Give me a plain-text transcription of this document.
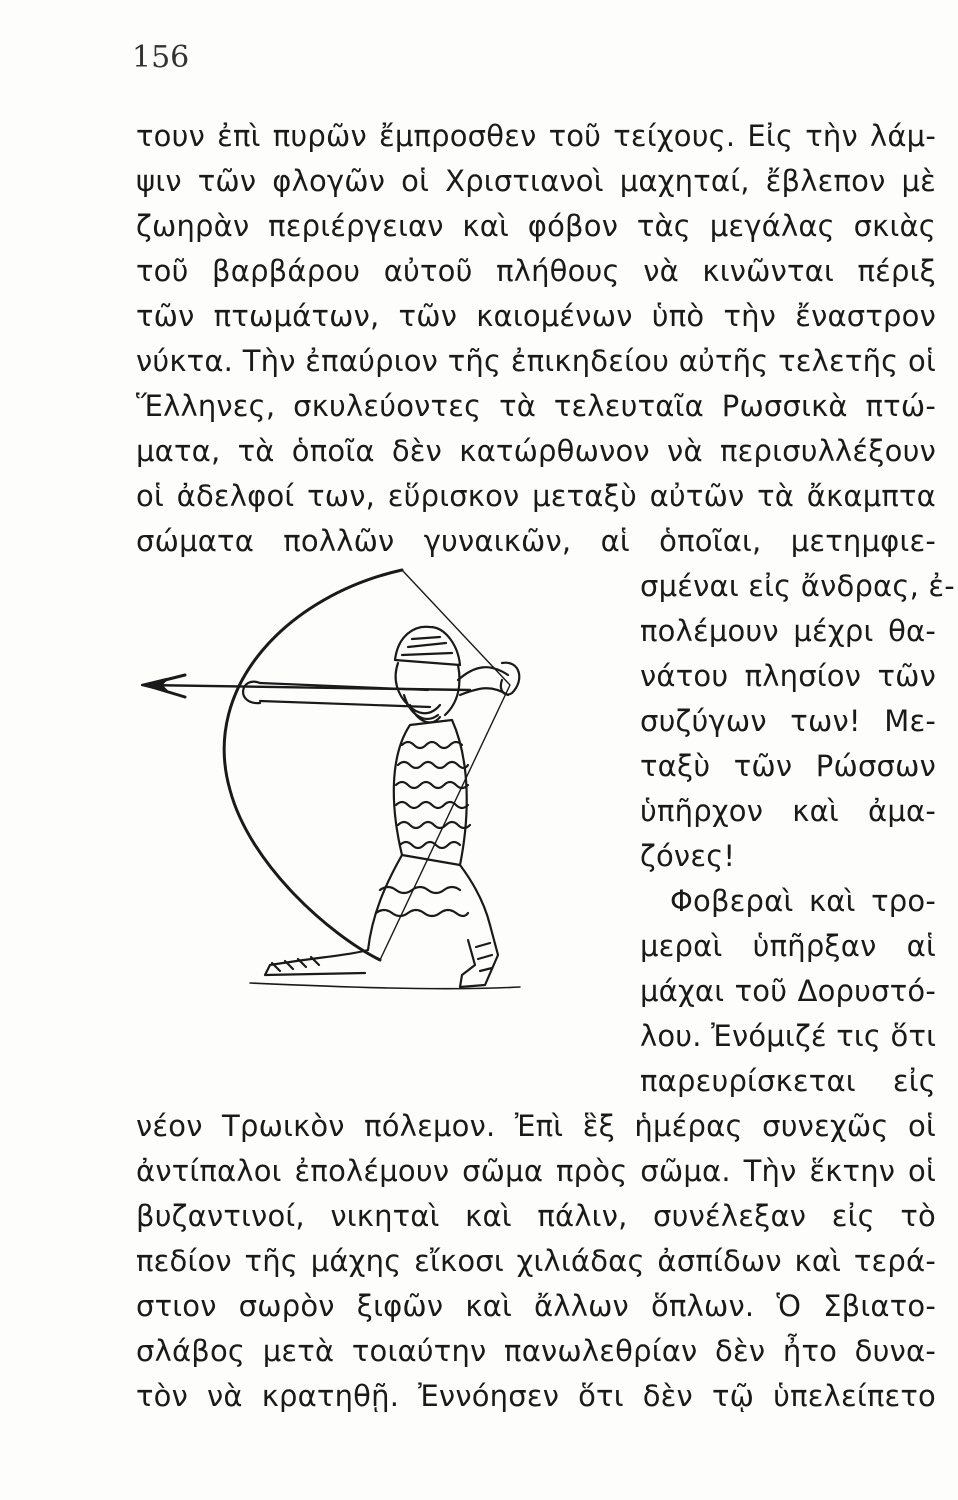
156
τουν ἐπὶ πυρῶν ἔμπροσθεν τοῦ τείχους. Εἰς τὴν λάμ-
ψιν τῶν φλογῶν οἱ Χριστιανοὶ μαχηταί, ἔβλεπον μὲ
ζωηρὰν περιέργειαν καὶ φόβον τὰς μεγάλας σκιὰς
τοῦ βαρβάρου αὐτοῦ πλήθους νὰ κινῶνται πέριξ
τῶν πτωμάτων, τῶν καιομένων ὑπὸ τὴν ἔναστρον
νύκτα. Τὴν ἐπαύριον τῆς ἐπικηδείου αὐτῆς τελετῆς οἱ
Ἕλληνες, σκυλεύοντες τὰ τελευταῖα Ρωσσικὰ πτώ-
ματα, τὰ ὁποῖα δὲν κατώρθωνον νὰ περισυλλέξουν
οἱ ἀδελφοί των, εὕρισκον μεταξὺ αὐτῶν τὰ ἄκαμπτα
σώματα πολλῶν γυναικῶν, αἱ ὁποῖαι, μετημφιε-
σμέναι εἰς ἄνδρας, ἐ-
πολέμουν μέχρι θα-
νάτου πλησίον τῶν
συζύγων των! Με-
ταξὺ τῶν Ρώσσων
ὑπῆρχον καὶ ἀμα-
ζόνες!
Φοβεραὶ καὶ τρο-
μεραὶ ὑπῆρξαν αἱ
μάχαι τοῦ Δορυστό-
λου. Ἐνόμιζέ τις ὅτι
παρευρίσκεται εἰς
νέον Τρωικὸν πόλεμον. Ἐπὶ ἓξ ἡμέρας συνεχῶς οἱ
ἀντίπαλοι ἐπολέμουν σῶμα πρὸς σῶμα. Τὴν ἕκτην οἱ
βυζαντινοί, νικηταὶ καὶ πάλιν, συνέλεξαν εἰς τὸ
πεδίον τῆς μάχης εἴκοσι χιλιάδας ἀσπίδων καὶ τερά-
στιον σωρὸν ξιφῶν καὶ ἄλλων ὅπλων. Ὁ Σβιατο-
σλάβος μετὰ τοιαύτην πανωλεθρίαν δὲν ἦτο δυνα-
τὸν νὰ κρατηθῇ. Ἐννόησεν ὅτι δὲν τῷ ὑπελείπετο
